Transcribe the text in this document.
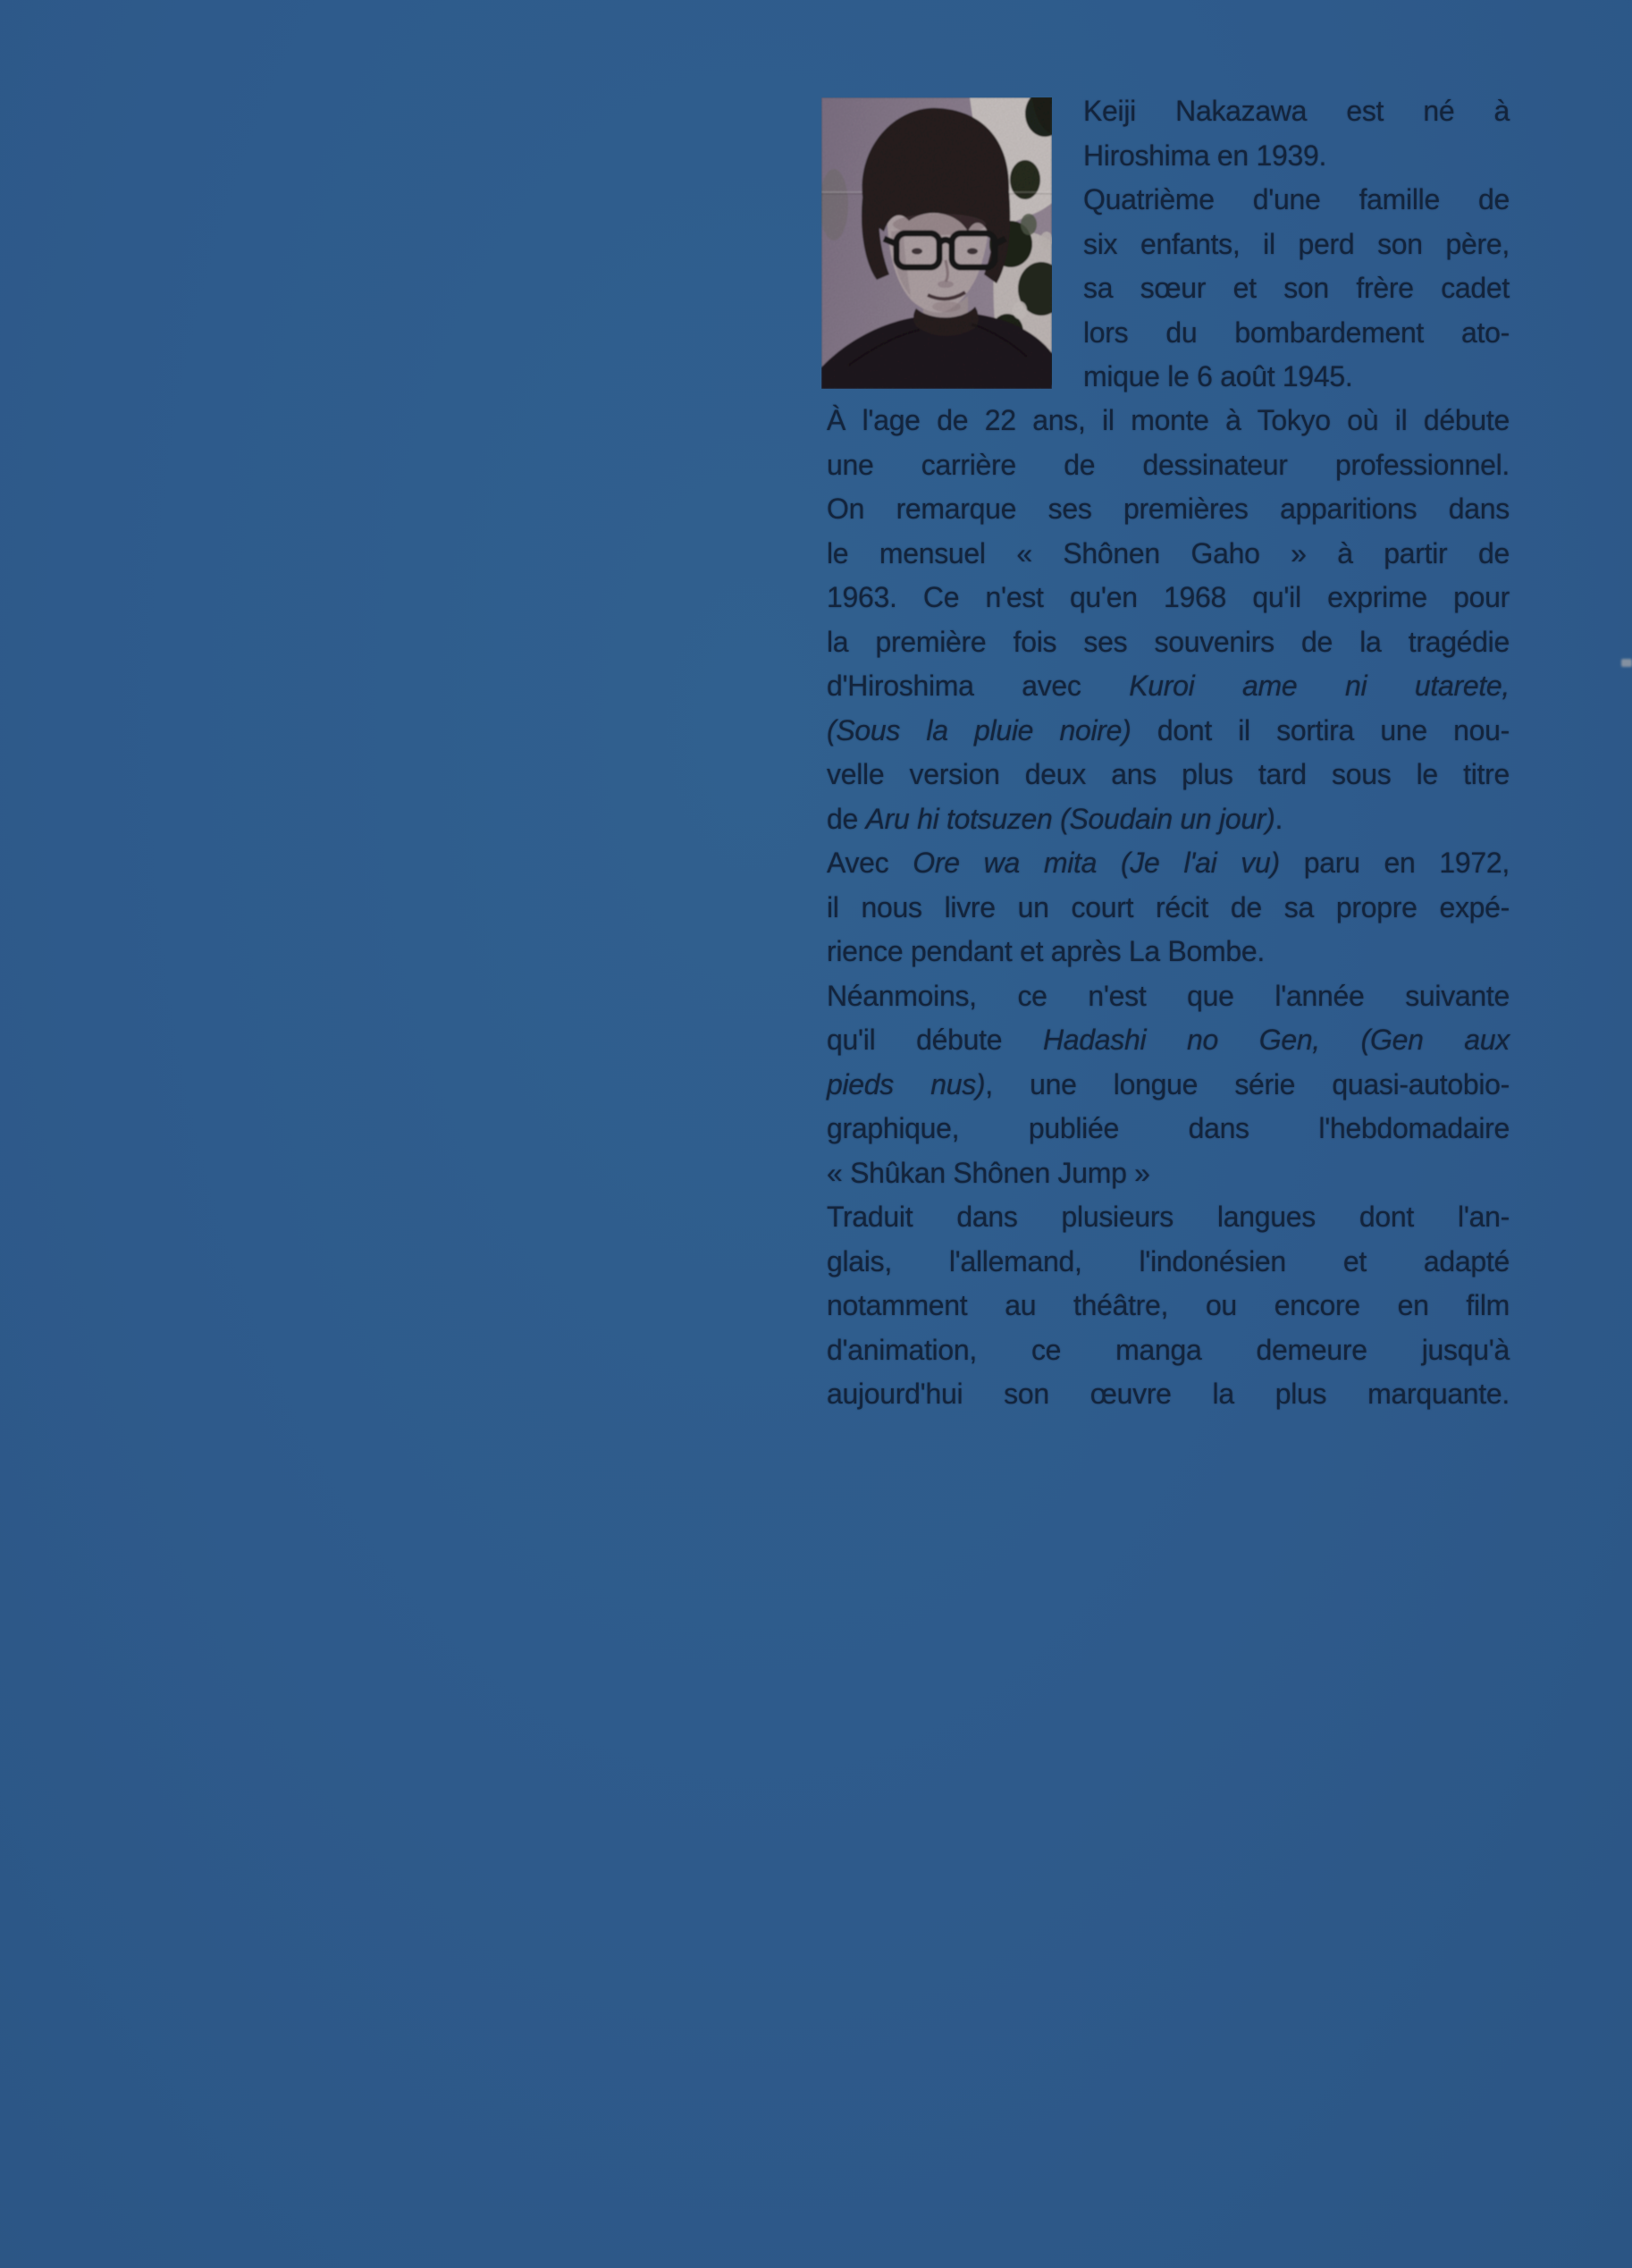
Keiji Nakazawa est né à
Hiroshima en 1939.
Quatrième d'une famille de
six enfants, il perd son père,
sa sœur et son frère cadet
lors du bombardement ato-
mique le 6 août 1945.
À l'age de 22 ans, il monte à Tokyo où il débute
une carrière de dessinateur professionnel.
On remarque ses premières apparitions dans
le mensuel « Shônen Gaho » à partir de
1963. Ce n'est qu'en 1968 qu'il exprime pour
la première fois ses souvenirs de la tragédie
d'Hiroshima avec Kuroi ame ni utarete,
(Sous la pluie noire) dont il sortira une nou-
velle version deux ans plus tard sous le titre
de Aru hi totsuzen (Soudain un jour).
Avec Ore wa mita (Je l'ai vu) paru en 1972,
il nous livre un court récit de sa propre expé-
rience pendant et après La Bombe.
Néanmoins, ce n'est que l'année suivante
qu'il débute Hadashi no Gen, (Gen aux
pieds nus), une longue série quasi-autobio-
graphique, publiée dans l'hebdomadaire
« Shûkan Shônen Jump »
Traduit dans plusieurs langues dont l'an-
glais, l'allemand, l'indonésien et adapté
notamment au théâtre, ou encore en film
d'animation, ce manga demeure jusqu'à
aujourd'hui son œuvre la plus marquante.
